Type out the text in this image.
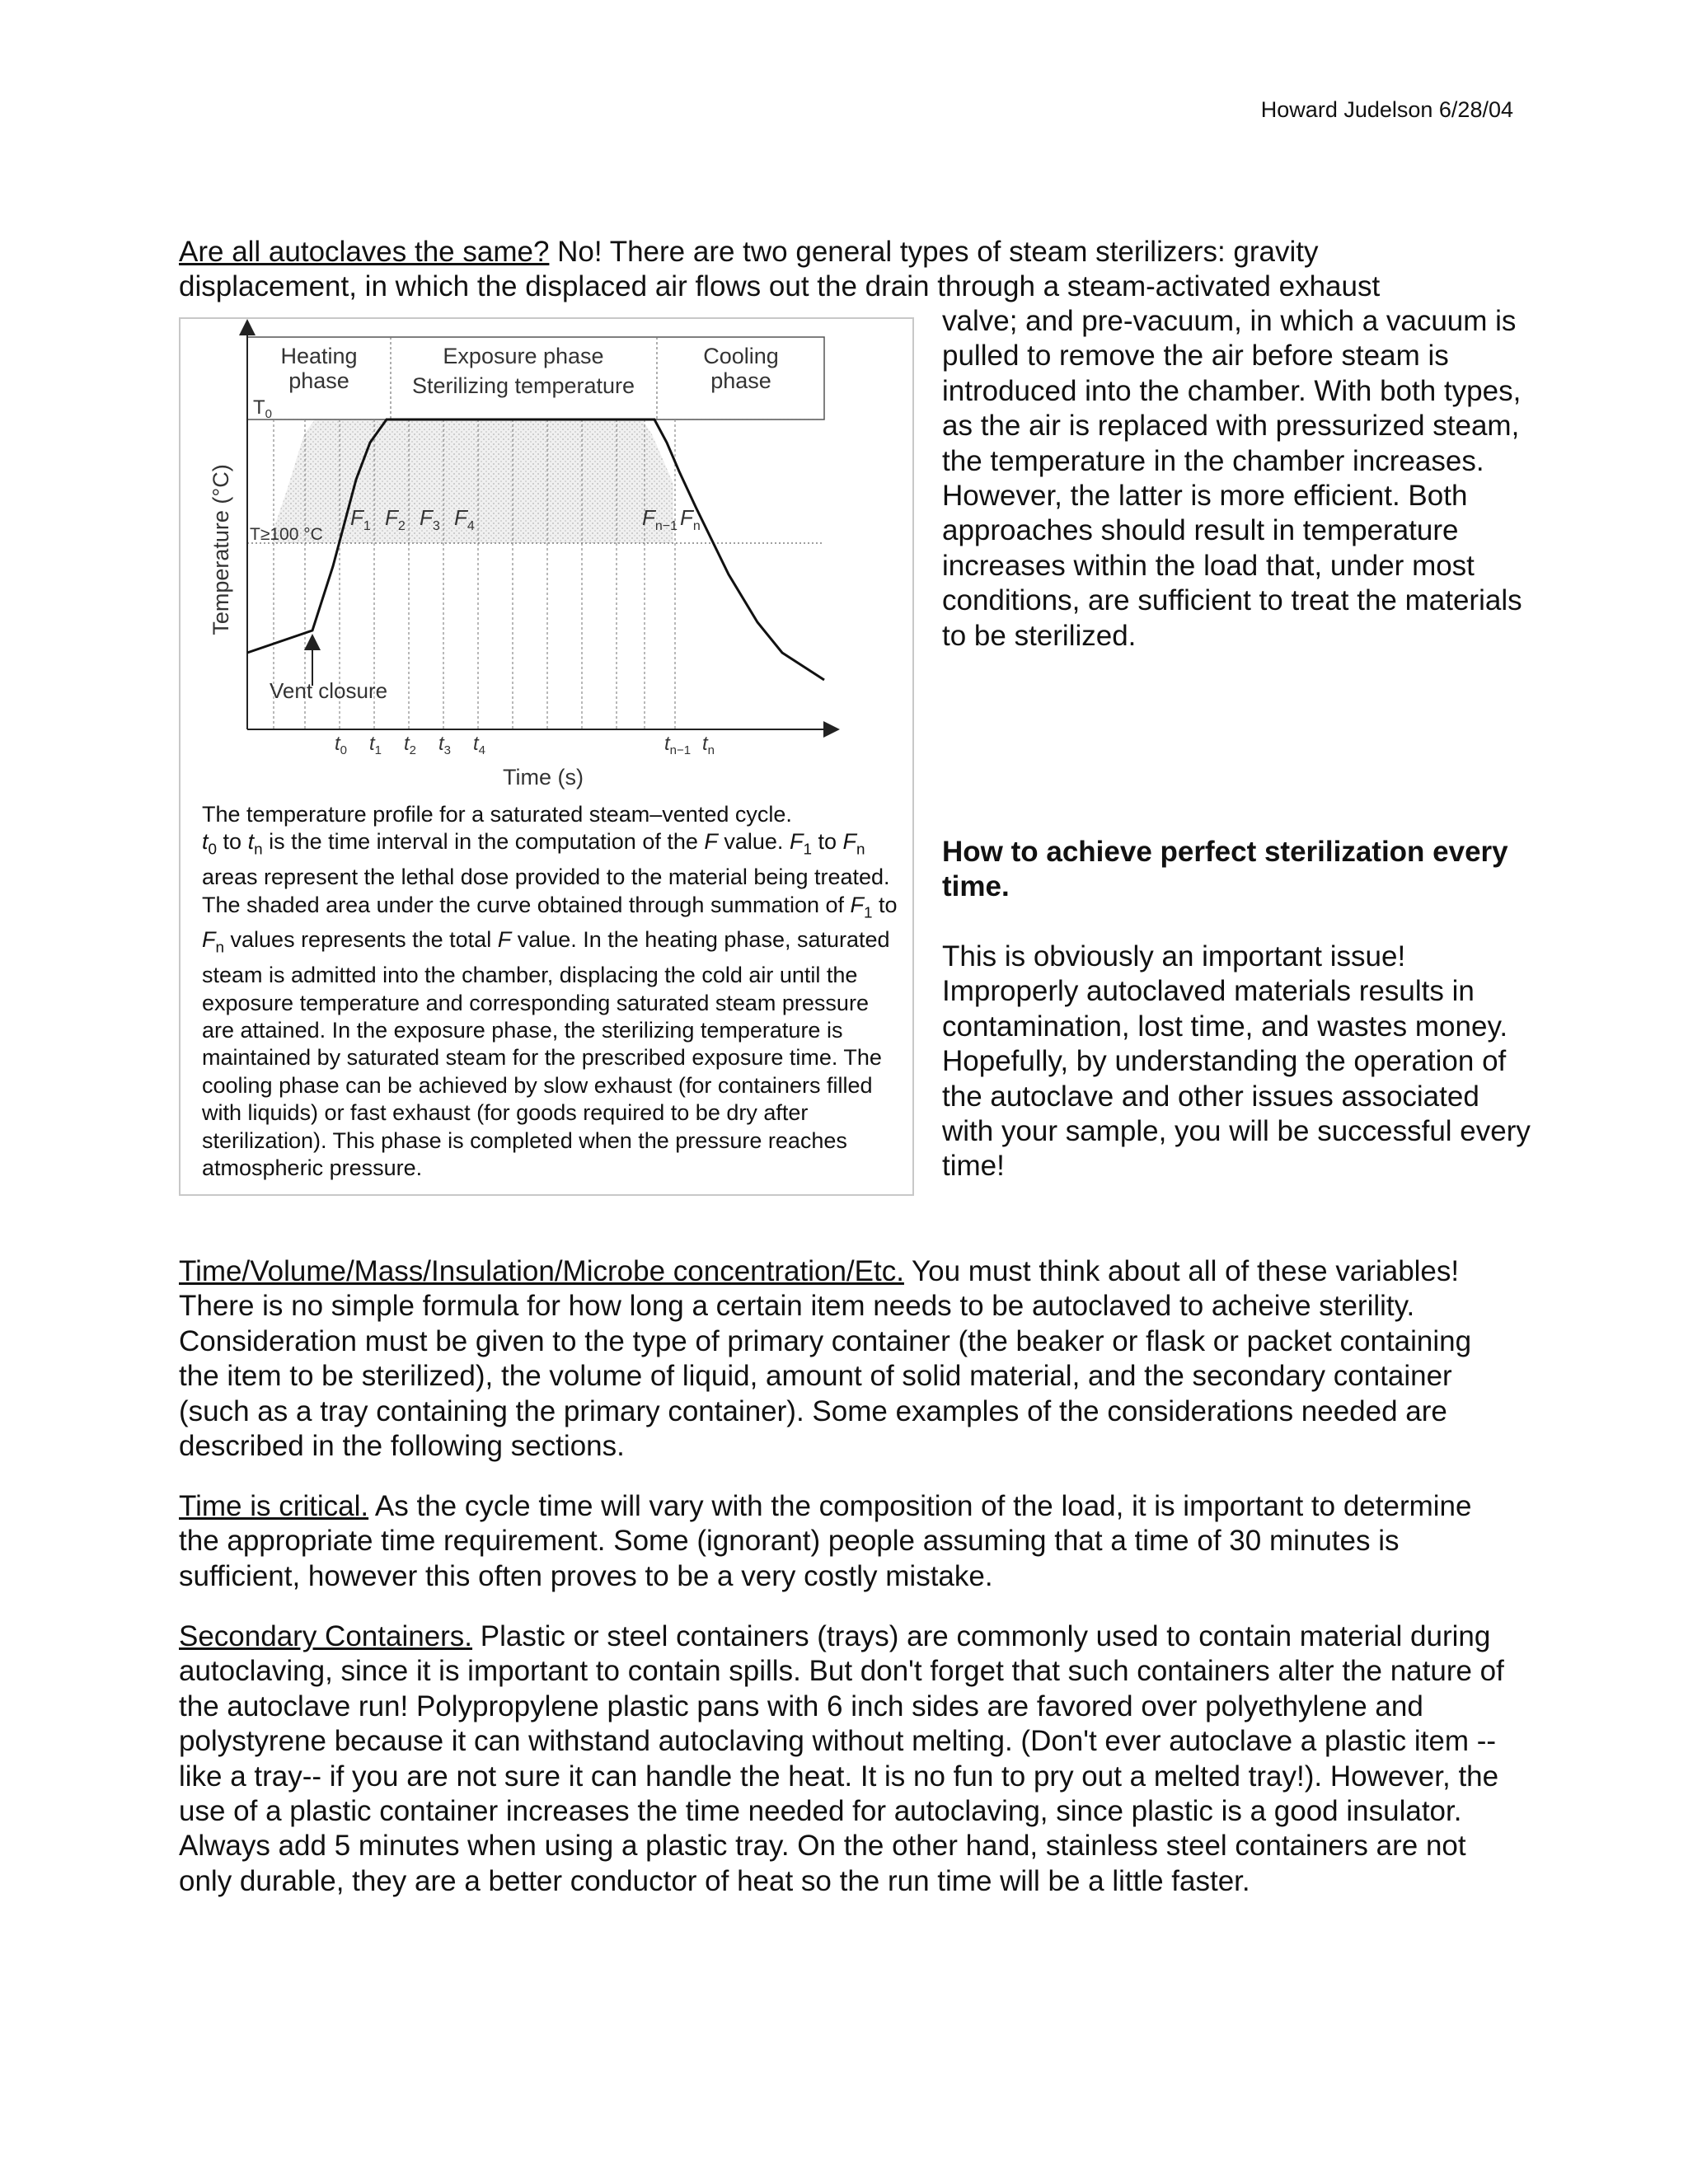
Howard Judelson 6/28/04

Are all autoclaves the same? No! There are two general types of steam sterilizers: gravity
displacement, in which the displaced air flows out the drain through a steam-activated exhaust

valve; and pre-vacuum, in which a vacuum is pulled to remove the air before steam is introduced into the chamber. With both types, as the air is replaced with pressurized steam, the temperature in the chamber increases. However, the latter is more efficient. Both approaches should result in temperature increases within the load that, under most conditions, are sufficient to treat the materials to be sterilized.

Heating
phase
Exposure phase
Sterilizing temperature
Cooling
phase
$T_0$
T≥100 °C
Vent closure
Temperature (°C)
Time (s)
$F_1$ $F_2$ $F_3$ $F_4$	$F_{n-1}$ $F_n$
$t_0$ $t_1$ $t_2$ $t_3$ $t_4$	$t_{n-1}$ $t_n$

The temperature profile for a saturated steam–vented cycle.
$t_0$ to $t_n$ is the time interval in the computation of the F value. $F_1$ to $F_n$ areas represent the lethal dose provided to the material being treated. The shaded area under the curve obtained through summation of $F_1$ to $F_n$ values represents the total F value. In the heating phase, saturated steam is admitted into the chamber, displacing the cold air until the exposure temperature and corresponding saturated steam pressure are attained. In the exposure phase, the sterilizing temperature is maintained by saturated steam for the prescribed exposure time. The cooling phase can be achieved by slow exhaust (for containers filled with liquids) or fast exhaust (for goods required to be dry after sterilization). This phase is completed when the pressure reaches atmospheric pressure.

How to achieve perfect sterilization every time.

This is obviously an important issue! Improperly autoclaved materials results in contamination, lost time, and wastes money. Hopefully, by understanding the operation of the autoclave and other issues associated with your sample, you will be successful every time!

Time/Volume/Mass/Insulation/Microbe concentration/Etc. You must think about all of these variables! There is no simple formula for how long a certain item needs to be autoclaved to acheive sterility. Consideration must be given to the type of primary container (the beaker or flask or packet containing the item to be sterilized), the volume of liquid, amount of solid material, and the secondary container (such as a tray containing the primary container). Some examples of the considerations needed are described in the following sections.

Time is critical. As the cycle time will vary with the composition of the load, it is important to determine the appropriate time requirement. Some (ignorant) people assuming that a time of 30 minutes is sufficient, however this often proves to be a very costly mistake.

Secondary Containers. Plastic or steel containers (trays) are commonly used to contain material during autoclaving, since it is important to contain spills. But don't forget that such containers alter the nature of the autoclave run! Polypropylene plastic pans with 6 inch sides are favored over polyethylene and polystyrene because it can withstand autoclaving without melting. (Don't ever autoclave a plastic item -- like a tray-- if you are not sure it can handle the heat. It is no fun to pry out a melted tray!). However, the use of a plastic container increases the time needed for autoclaving, since plastic is a good insulator. Always add 5 minutes when using a plastic tray. On the other hand, stainless steel containers are not only durable, they are a better conductor of heat so the run time will be a little faster.
